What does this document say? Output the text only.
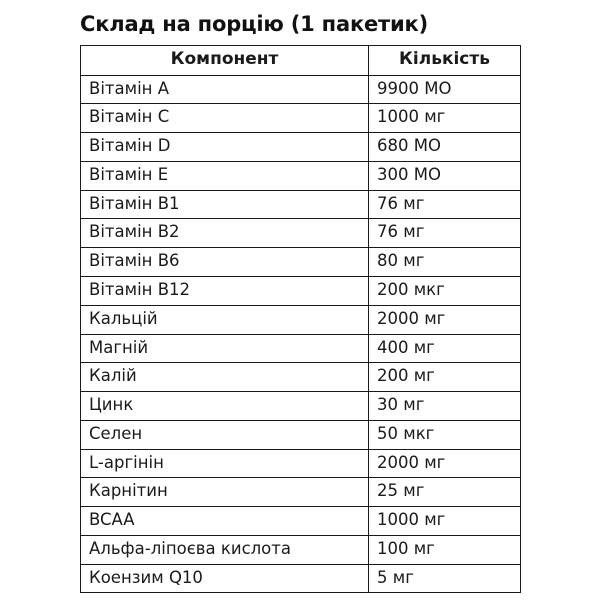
Склад на порцію (1 пакетик)
Компонент	Кількість
Вітамін A	9900 МО
Вітамін C	1000 мг
Вітамін D	680 МО
Вітамін E	300 МО
Вітамін B1	76 мг
Вітамін B2	76 мг
Вітамін B6	80 мг
Вітамін B12	200 мкг
Кальцій	2000 мг
Магній	400 мг
Калій	200 мг
Цинк	30 мг
Селен	50 мкг
L-аргінін	2000 мг
Карнітин	25 мг
BCAA	1000 мг
Альфа-ліпоєва кислота	100 мг
Коензим Q10	5 мг
